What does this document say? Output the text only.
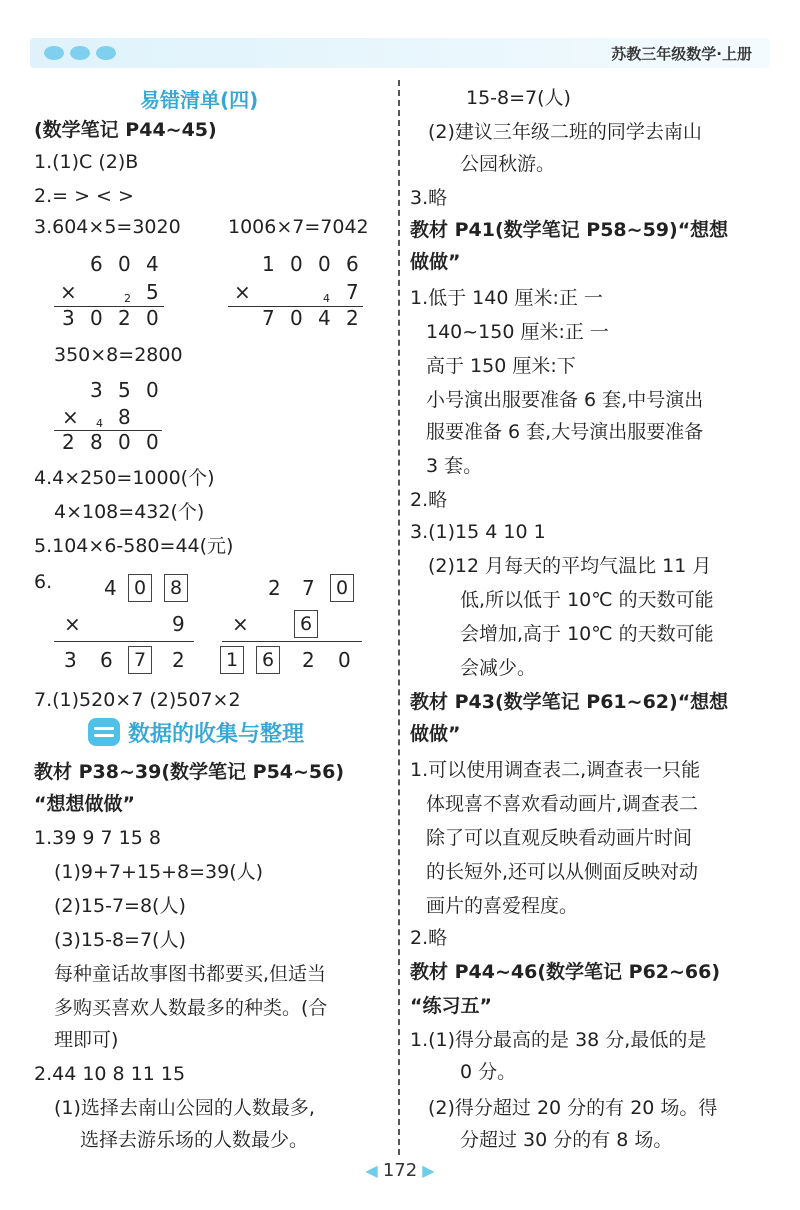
苏教三年级数学·上册
易错清单(四)
(数学笔记 P44~45)
1.(1)C (2)B
2.= > < >
3.604×5=3020 1006×7=7042
6 0 4
×	2 5
3 0 2 0
1 0 0 6
×	4 7
7 0 4 2
350×8=2800
3 5 0
× 4 8
2 8 0 0
4.4×250=1000(个)
4×108=432(个)
5.104×6-580=44(元)
6.	4 0	8
×	9
3 6	7 2
2 7	0
×	6
1	6 2 0
7.(1)520×7 (2)507×2
数据的收集与整理
教材 P38~39(数学笔记 P54~56)
“想想做做”
1.39 9 7 15 8
(1)9+7+15+8=39(人)
(2)15-7=8(人)
(3)15-8=7(人)
每种童话故事图书都要买,但适当
多购买喜欢人数最多的种类。(合
理即可)
2.44 10 8 11 15
(1)选择去南山公园的人数最多,
选择去游乐场的人数最少。
15-8=7(人)
(2)建议三年级二班的同学去南山
公园秋游。
3.略
教材 P41(数学笔记 P58~59)“想想
做做”
1.低于 140 厘米:正 一
140~150 厘米:正 一
高于 150 厘米:下
小号演出服要准备 6 套,中号演出
服要准备 6 套,大号演出服要准备
3 套。
2.略
3.(1)15 4 10 1
(2)12 月每天的平均气温比 11 月
低,所以低于 10℃ 的天数可能
会增加,高于 10℃ 的天数可能
会减少。
教材 P43(数学笔记 P61~62)“想想
做做”
1.可以使用调查表二,调查表一只能
体现喜不喜欢看动画片,调查表二
除了可以直观反映看动画片时间
的长短外,还可以从侧面反映对动
画片的喜爱程度。
2.略
教材 P44~46(数学笔记 P62~66)
“练习五”
1.(1)得分最高的是 38 分,最低的是
0 分。
(2)得分超过 20 分的有 20 场。得
分超过 30 分的有 8 场。
◀ 172 ▶
